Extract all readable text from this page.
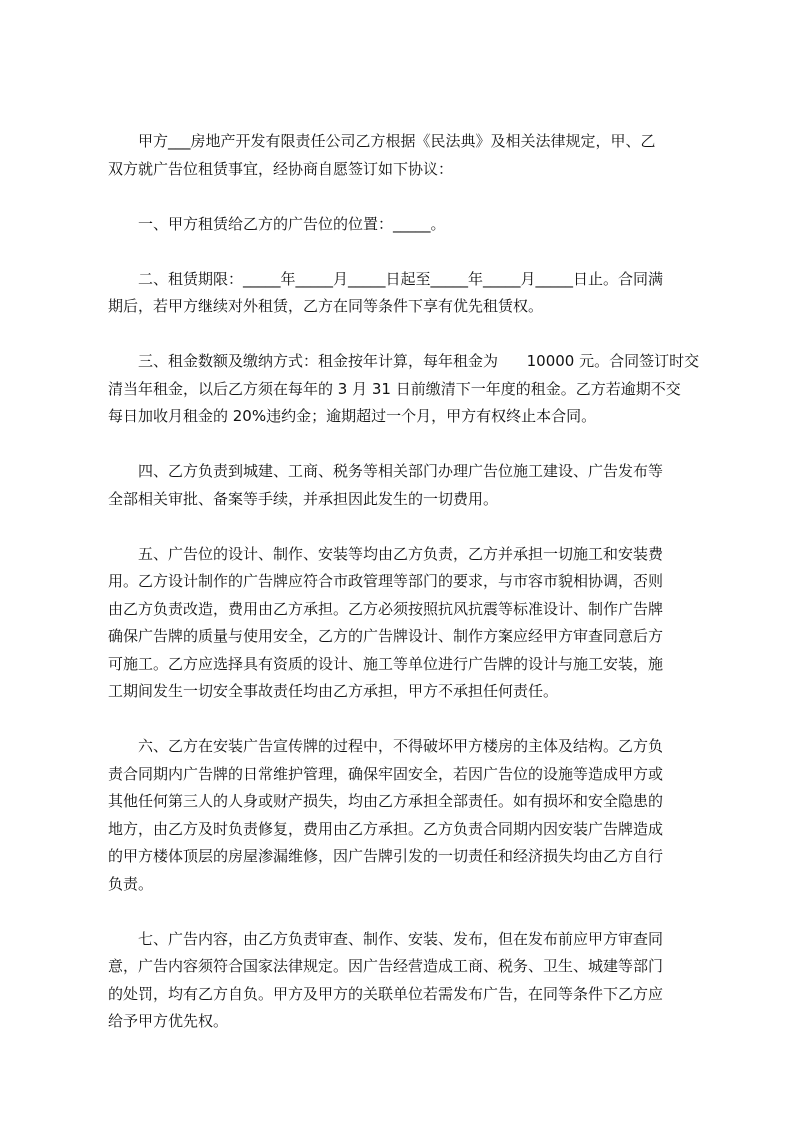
甲方___房地产开发有限责任公司乙方根据《民法典》及相关法律规定，甲、乙
双方就广告位租赁事宜，经协商自愿签订如下协议：

一、甲方租赁给乙方的广告位的位置：_____。

二、租赁期限：_____年_____月_____日起至_____年_____月_____日止。合同满
期后，若甲方继续对外租赁，乙方在同等条件下享有优先租赁权。

三、租金数额及缴纳方式：租金按年计算，每年租金为      10000 元。合同签订时交
清当年租金，以后乙方须在每年的 3 月 31 日前缴清下一年度的租金。乙方若逾期不交
每日加收月租金的 20%违约金；逾期超过一个月，甲方有权终止本合同。

四、乙方负责到城建、工商、税务等相关部门办理广告位施工建设、广告发布等
全部相关审批、备案等手续，并承担因此发生的一切费用。

五、广告位的设计、制作、安装等均由乙方负责，乙方并承担一切施工和安装费
用。乙方设计制作的广告牌应符合市政管理等部门的要求，与市容市貌相协调，否则
由乙方负责改造，费用由乙方承担。乙方必须按照抗风抗震等标准设计、制作广告牌
确保广告牌的质量与使用安全，乙方的广告牌设计、制作方案应经甲方审查同意后方
可施工。乙方应选择具有资质的设计、施工等单位进行广告牌的设计与施工安装，施
工期间发生一切安全事故责任均由乙方承担，甲方不承担任何责任。

六、乙方在安装广告宣传牌的过程中，不得破坏甲方楼房的主体及结构。乙方负
责合同期内广告牌的日常维护管理，确保牢固安全，若因广告位的设施等造成甲方或
其他任何第三人的人身或财产损失，均由乙方承担全部责任。如有损坏和安全隐患的
地方，由乙方及时负责修复，费用由乙方承担。乙方负责合同期内因安装广告牌造成
的甲方楼体顶层的房屋渗漏维修，因广告牌引发的一切责任和经济损失均由乙方自行
负责。

七、广告内容，由乙方负责审查、制作、安装、发布，但在发布前应甲方审查同
意，广告内容须符合国家法律规定。因广告经营造成工商、税务、卫生、城建等部门
的处罚，均有乙方自负。甲方及甲方的关联单位若需发布广告，在同等条件下乙方应
给予甲方优先权。
